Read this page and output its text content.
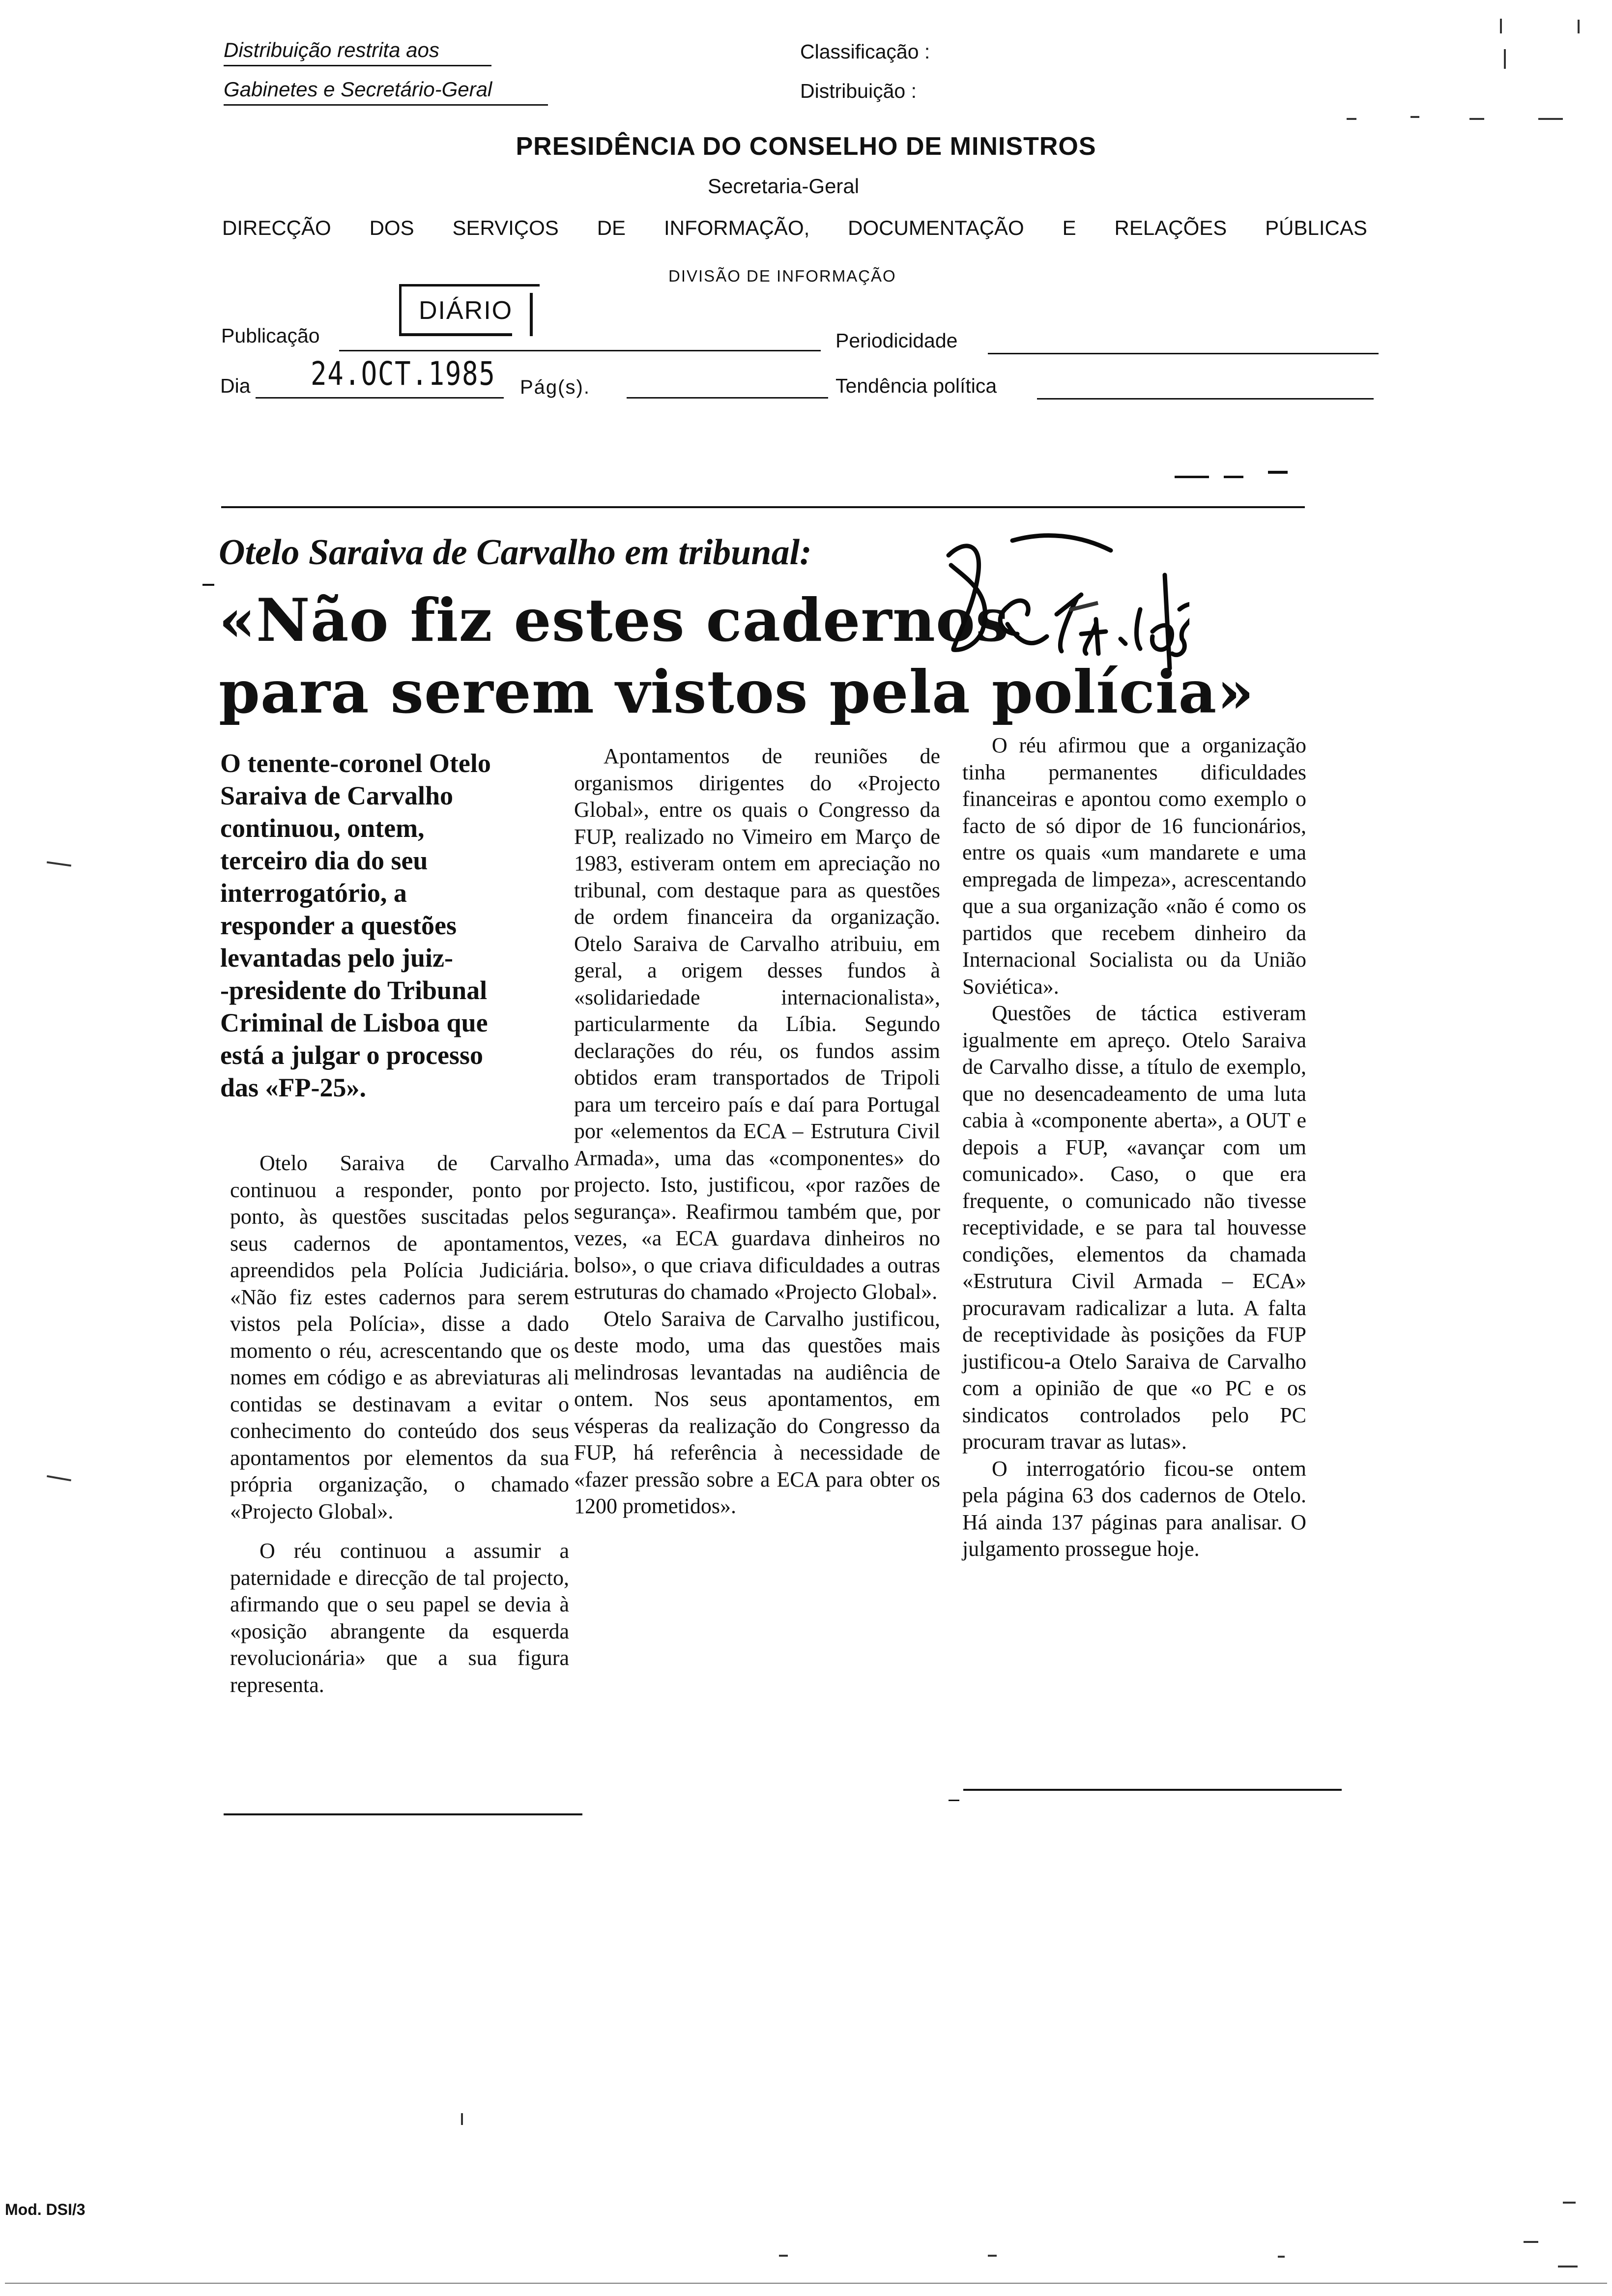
Distribuição restrita aos
Gabinetes e Secretário-Geral
Classificação :
Distribuição :
PRESIDÊNCIA DO CONSELHO DE MINISTROS
Secretaria-Geral
DIRECÇÃO DOS SERVIÇOS DE INFORMAÇÃO, DOCUMENTAÇÃO E RELAÇÕES PÚBLICAS
DIVISÃO DE INFORMAÇÃO
DIÁRIO
Publicação	Periodicidade
Dia 24.OCT.1985 Pág(s).	Tendência política
Otelo Saraiva de Carvalho em tribunal:
«Não fiz estes cadernos
para serem vistos pela polícia»
O tenente-coronel Otelo
Saraiva de Carvalho
continuou, ontem,
terceiro dia do seu
interrogatório, a
responder a questões
levantadas pelo juiz-
-presidente do Tribunal
Criminal de Lisboa que
está a julgar o processo
das «FP-25».

Otelo Saraiva de Carvalho continuou a responder, ponto por ponto, às questões suscitadas pelos seus cadernos de apontamentos, apreendidos pela Polícia Judiciária. «Não fiz estes cadernos para serem vistos pela Polícia», disse a dado momento o réu, acrescentando que os nomes em código e as abreviaturas ali contidas se destinavam a evitar o conhecimento do conteúdo dos seus apontamentos por elementos da sua própria organização, o chamado «Projecto Global».

O réu continuou a assumir a paternidade e direcção de tal projecto, afirmando que o seu papel se devia à «posição abrangente da esquerda revolucionária» que a sua figura representa.

Apontamentos de reuniões de organismos dirigentes do «Projecto Global», entre os quais o Congresso da FUP, realizado no Vimeiro em Março de 1983, estiveram ontem em apreciação no tribunal, com destaque para as questões de ordem financeira da organização. Otelo Saraiva de Carvalho atribuiu, em geral, a origem desses fundos à «solidariedade internacionalista», particularmente da Líbia. Segundo declarações do réu, os fundos assim obtidos eram transportados de Tripoli para um terceiro país e daí para Portugal por «elementos da ECA – Estrutura Civil Armada», uma das «componentes» do projecto. Isto, justificou, «por razões de segurança». Reafirmou também que, por vezes, «a ECA guardava dinheiros no bolso», o que criava dificuldades a outras estruturas do chamado «Projecto Global».

Otelo Saraiva de Carvalho justificou, deste modo, uma das questões mais melindrosas levantadas na audiência de ontem. Nos seus apontamentos, em vésperas da realização do Congresso da FUP, há referência à necessidade de «fazer pressão sobre a ECA para obter os 1200 prometidos».

O réu afirmou que a organização tinha permanentes dificuldades financeiras e apontou como exemplo o facto de só dipor de 16 funcionários, entre os quais «um mandarete e uma empregada de limpeza», acrescentando que a sua organização «não é como os partidos que recebem dinheiro da Internacional Socialista ou da União Soviética».

Questões de táctica estiveram igualmente em apreço. Otelo Saraiva de Carvalho disse, a título de exemplo, que no desencadeamento de uma luta cabia à «componente aberta», a OUT e depois a FUP, «avançar com um comunicado». Caso, o que era frequente, o comunicado não tivesse receptividade, e se para tal houvesse condições, elementos da chamada «Estrutura Civil Armada – ECA» procuravam radicalizar a luta. A falta de receptividade às posições da FUP justificou-a Otelo Saraiva de Carvalho com a opinião de que «o PC e os sindicatos controlados pelo PC procuram travar as lutas».

O interrogatório ficou-se ontem pela página 63 dos cadernos de Otelo. Há ainda 137 páginas para analisar. O julgamento prossegue hoje.

Mod. DSI/3
